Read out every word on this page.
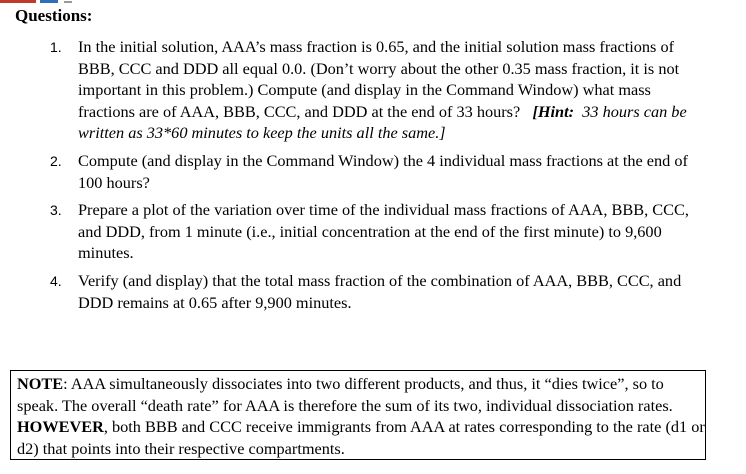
Questions:
1. In the initial solution, AAA’s mass fraction is 0.65, and the initial solution mass fractions of BBB, CCC and DDD all equal 0.0. (Don’t worry about the other 0.35 mass fraction, it is not important in this problem.) Compute (and display in the Command Window) what mass fractions are of AAA, BBB, CCC, and DDD at the end of 33 hours? [Hint: 33 hours can be written as 33*60 minutes to keep the units all the same.]
2. Compute (and display in the Command Window) the 4 individual mass fractions at the end of 100 hours?
3. Prepare a plot of the variation over time of the individual mass fractions of AAA, BBB, CCC, and DDD, from 1 minute (i.e., initial concentration at the end of the first minute) to 9,600 minutes.
4. Verify (and display) that the total mass fraction of the combination of AAA, BBB, CCC, and DDD remains at 0.65 after 9,900 minutes.
NOTE: AAA simultaneously dissociates into two different products, and thus, it “dies twice”, so to speak. The overall “death rate” for AAA is therefore the sum of its two, individual dissociation rates. HOWEVER, both BBB and CCC receive immigrants from AAA at rates corresponding to the rate (d1 or d2) that points into their respective compartments.
